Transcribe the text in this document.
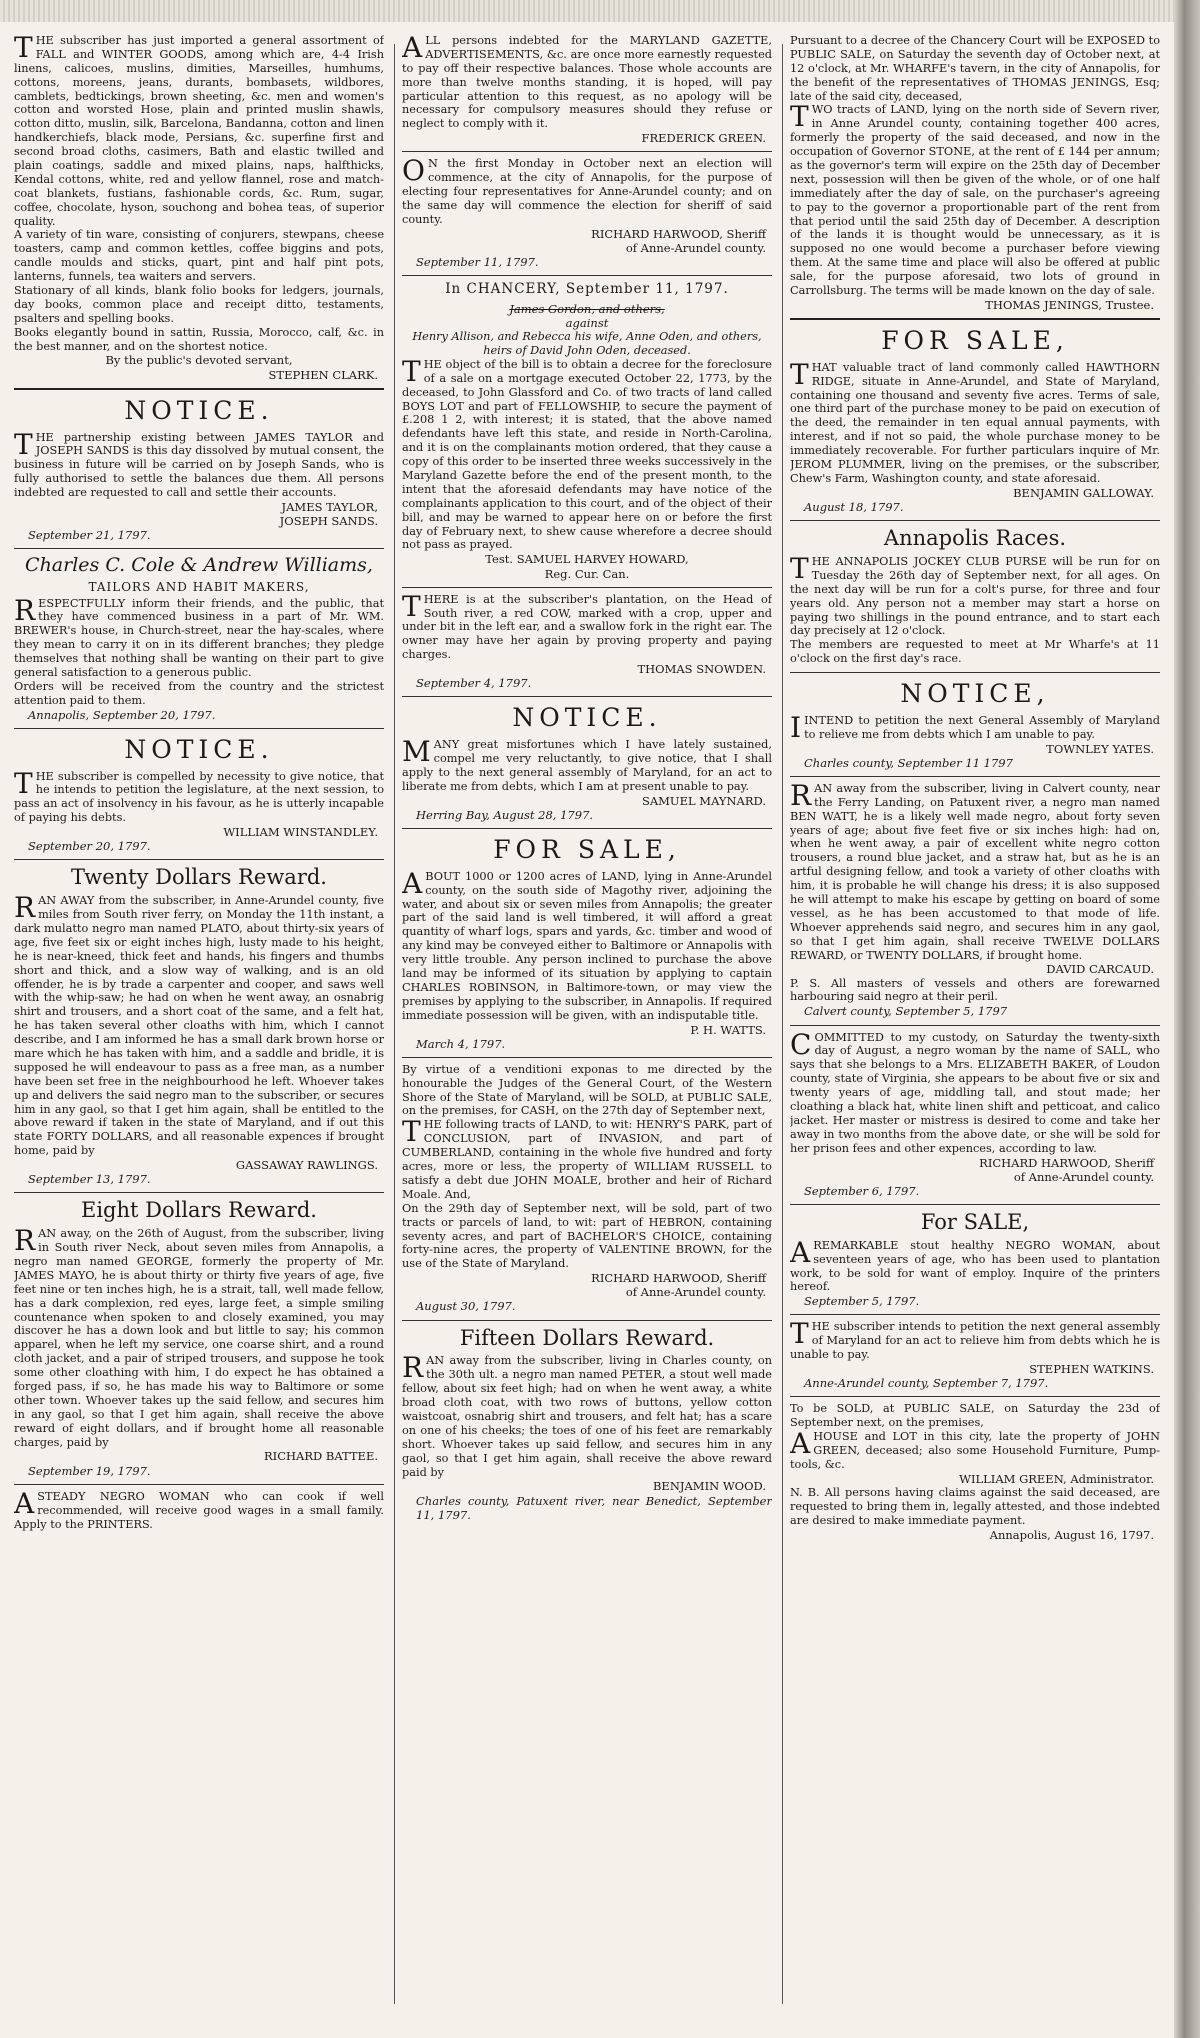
THE subscriber has just imported a general assortment of FALL and WINTER GOODS, among which are, 4-4 Irish linens, calicoes, muslins, dimities, Marseilles, humhums, cottons, moreens, jeans, durants, bombasets, wildbores, camblets, bedtickings, brown sheeting, &c. men and women's cotton and worsted Hose, plain and printed muslin shawls, cotton ditto, muslin, silk, Barcelona, Bandanna, cotton and linen handkerchiefs, black mode, Persians, &c. superfine first and second broad cloths, casimers, Bath and elastic twilled and plain coatings, saddle and mixed plains, naps, halfthicks, Kendal cottons, white, red and yellow flannel, rose and match-coat blankets, fustians, fashionable cords, &c. Rum, sugar, coffee, chocolate, hyson, souchong and bohea teas, of superior quality.

A variety of tin ware, consisting of conjurers, stewpans, cheese toasters, camp and common kettles, coffee biggins and pots, candle moulds and sticks, quart, pint and half pint pots, lanterns, funnels, tea waiters and servers.

Stationary of all kinds, blank folio books for ledgers, journals, day books, common place and receipt ditto, testaments, psalters and spelling books.

Books elegantly bound in sattin, Russia, Morocco, calf, &c. in the best manner, and on the shortest notice.

By the public's devoted servant,
STEPHEN CLARK.
NOTICE.

THE partnership existing between JAMES TAYLOR and JOSEPH SANDS is this day dissolved by mutual consent, the business in future will be carried on by Joseph Sands, who is fully authorised to settle the balances due them. All persons indebted are requested to call and settle their accounts.

JAMES TAYLOR,
JOSEPH SANDS.
September 21, 1797.
Charles C. Cole & Andrew Williams,
TAILORS AND HABIT MAKERS,

RESPECTFULLY inform their friends, and the public, that they have commenced business in a part of Mr. WM. BREWER's house, in Church-street, near the hay-scales, where they mean to carry it on in its different branches; they pledge themselves that nothing shall be wanting on their part to give general satisfaction to a generous public.

Orders will be received from the country and the strictest attention paid to them.

Annapolis, September 20, 1797.
NOTICE.

THE subscriber is compelled by necessity to give notice, that he intends to petition the legislature, at the next session, to pass an act of insolvency in his favour, as he is utterly incapable of paying his debts.

WILLIAM WINSTANDLEY.
September 20, 1797.
Twenty Dollars Reward.

RAN AWAY from the subscriber, in Anne-Arundel county, five miles from South river ferry, on Monday the 11th instant, a dark mulatto negro man named PLATO, about thirty-six years of age, five feet six or eight inches high, lusty made to his height, he is near-kneed, thick feet and hands, his fingers and thumbs short and thick, and a slow way of walking, and is an old offender, he is by trade a carpenter and cooper, and saws well with the whip-saw; he had on when he went away, an osnabrig shirt and trousers, and a short coat of the same, and a felt hat, he has taken several other cloaths with him, which I cannot describe, and I am informed he has a small dark brown horse or mare which he has taken with him, and a saddle and bridle, it is supposed he will endeavour to pass as a free man, as a number have been set free in the neighbourhood he left. Whoever takes up and delivers the said negro man to the subscriber, or secures him in any gaol, so that I get him again, shall be entitled to the above reward if taken in the state of Maryland, and if out this state FORTY DOLLARS, and all reasonable expences if brought home, paid by

GASSAWAY RAWLINGS.
September 13, 1797.
Eight Dollars Reward.

RAN away, on the 26th of August, from the subscriber, living in South river Neck, about seven miles from Annapolis, a negro man named GEORGE, formerly the property of Mr. JAMES MAYO, he is about thirty or thirty five years of age, five feet nine or ten inches high, he is a strait, tall, well made fellow, has a dark complexion, red eyes, large feet, a simple smiling countenance when spoken to and closely examined, you may discover he has a down look and but little to say; his common apparel, when he left my service, one coarse shirt, and a round cloth jacket, and a pair of striped trousers, and suppose he took some other cloathing with him, I do expect he has obtained a forged pass, if so, he has made his way to Baltimore or some other town. Whoever takes up the said fellow, and secures him in any gaol, so that I get him again, shall receive the above reward of eight dollars, and if brought home all reasonable charges, paid by

RICHARD BATTEE.
September 19, 1797.

ASTEADY NEGRO WOMAN who can cook if well recommended, will receive good wages in a small family. Apply to the PRINTERS.

ALL persons indebted for the MARYLAND GAZETTE, ADVERTISEMENTS, &c. are once more earnestly requested to pay off their respective balances. Those whole accounts are more than twelve months standing, it is hoped, will pay particular attention to this request, as no apology will be necessary for compulsory measures should they refuse or neglect to comply with it.

FREDERICK GREEN.

ON the first Monday in October next an election will commence, at the city of Annapolis, for the purpose of electing four representatives for Anne-Arundel county; and on the same day will commence the election for sheriff of said county.

RICHARD HARWOOD, Sheriff
of Anne-Arundel county.
September 11, 1797.
In CHANCERY, September 11, 1797.
James Gordon, and others,
against

Henry Allison, and Rebecca his wife, Anne Oden, and others, heirs of David John Oden, deceased.

THE object of the bill is to obtain a decree for the foreclosure of a sale on a mortgage executed October 22, 1773, by the deceased, to John Glassford and Co. of two tracts of land called BOYS LOT and part of FELLOWSHIP, to secure the payment of £.208 1 2, with interest; it is stated, that the above named defendants have left this state, and reside in North-Carolina, and it is on the complainants motion ordered, that they cause a copy of this order to be inserted three weeks successively in the Maryland Gazette before the end of the present month, to the intent that the aforesaid defendants may have notice of the complainants application to this court, and of the object of their bill, and may be warned to appear here on or before the first day of February next, to shew cause wherefore a decree should not pass as prayed.

Test. SAMUEL HARVEY HOWARD,
Reg. Cur. Can.

THERE is at the subscriber's plantation, on the Head of South river, a red COW, marked with a crop, upper and under bit in the left ear, and a swallow fork in the right ear. The owner may have her again by proving property and paying charges.

THOMAS SNOWDEN.
September 4, 1797.
NOTICE.

MANY great misfortunes which I have lately sustained, compel me very reluctantly, to give notice, that I shall apply to the next general assembly of Maryland, for an act to liberate me from debts, which I am at present unable to pay.

SAMUEL MAYNARD.
Herring Bay, August 28, 1797.
FOR SALE,

ABOUT 1000 or 1200 acres of LAND, lying in Anne-Arundel county, on the south side of Magothy river, adjoining the water, and about six or seven miles from Annapolis; the greater part of the said land is well timbered, it will afford a great quantity of wharf logs, spars and yards, &c. timber and wood of any kind may be conveyed either to Baltimore or Annapolis with very little trouble. Any person inclined to purchase the above land may be informed of its situation by applying to captain CHARLES ROBINSON, in Baltimore-town, or may view the premises by applying to the subscriber, in Annapolis. If required immediate possession will be given, with an indisputable title.

P. H. WATTS.
March 4, 1797.

By virtue of a venditioni exponas to me directed by the honourable the Judges of the General Court, of the Western Shore of the State of Maryland, will be SOLD, at PUBLIC SALE, on the premises, for CASH, on the 27th day of September next,

THE following tracts of LAND, to wit: HENRY'S PARK, part of CONCLUSION, part of INVASION, and part of CUMBERLAND, containing in the whole five hundred and forty acres, more or less, the property of WILLIAM RUSSELL to satisfy a debt due JOHN MOALE, brother and heir of Richard Moale. And,

On the 29th day of September next, will be sold, part of two tracts or parcels of land, to wit: part of HEBRON, containing seventy acres, and part of BACHELOR'S CHOICE, containing forty-nine acres, the property of VALENTINE BROWN, for the use of the State of Maryland.

RICHARD HARWOOD, Sheriff
of Anne-Arundel county.
August 30, 1797.
Fifteen Dollars Reward.

RAN away from the subscriber, living in Charles county, on the 30th ult. a negro man named PETER, a stout well made fellow, about six feet high; had on when he went away, a white broad cloth coat, with two rows of buttons, yellow cotton waistcoat, osnabrig shirt and trousers, and felt hat; has a scare on one of his cheeks; the toes of one of his feet are remarkably short. Whoever takes up said fellow, and secures him in any gaol, so that I get him again, shall receive the above reward paid by

BENJAMIN WOOD.
Charles county, Patuxent river, near Benedict, September 11, 1797.

Pursuant to a decree of the Chancery Court will be EXPOSED to PUBLIC SALE, on Saturday the seventh day of October next, at 12 o'clock, at Mr. WHARFE's tavern, in the city of Annapolis, for the benefit of the representatives of THOMAS JENINGS, Esq; late of the said city, deceased,

TWO tracts of LAND, lying on the north side of Severn river, in Anne Arundel county, containing together 400 acres, formerly the property of the said deceased, and now in the occupation of Governor STONE, at the rent of £ 144 per annum; as the governor's term will expire on the 25th day of December next, possession will then be given of the whole, or of one half immediately after the day of sale, on the purchaser's agreeing to pay to the governor a proportionable part of the rent from that period until the said 25th day of December. A description of the lands it is thought would be unnecessary, as it is supposed no one would become a purchaser before viewing them. At the same time and place will also be offered at public sale, for the purpose aforesaid, two lots of ground in Carrollsburg. The terms will be made known on the day of sale.

THOMAS JENINGS, Trustee.
FOR SALE,

THAT valuable tract of land commonly called HAWTHORN RIDGE, situate in Anne-Arundel, and State of Maryland, containing one thousand and seventy five acres. Terms of sale, one third part of the purchase money to be paid on execution of the deed, the remainder in ten equal annual payments, with interest, and if not so paid, the whole purchase money to be immediately recoverable. For further particulars inquire of Mr. JEROM PLUMMER, living on the premises, or the subscriber, Chew's Farm, Washington county, and state aforesaid.

BENJAMIN GALLOWAY.
August 18, 1797.
Annapolis Races.

THE ANNAPOLIS JOCKEY CLUB PURSE will be run for on Tuesday the 26th day of September next, for all ages. On the next day will be run for a colt's purse, for three and four years old. Any person not a member may start a horse on paying two shillings in the pound entrance, and to start each day precisely at 12 o'clock.

The members are requested to meet at Mr Wharfe's at 11 o'clock on the first day's race.

NOTICE,

IINTEND to petition the next General Assembly of Maryland to relieve me from debts which I am unable to pay.

TOWNLEY YATES.
Charles county, September 11 1797

RAN away from the subscriber, living in Calvert county, near the Ferry Landing, on Patuxent river, a negro man named BEN WATT, he is a likely well made negro, about forty seven years of age; about five feet five or six inches high: had on, when he went away, a pair of excellent white negro cotton trousers, a round blue jacket, and a straw hat, but as he is an artful designing fellow, and took a variety of other cloaths with him, it is probable he will change his dress; it is also supposed he will attempt to make his escape by getting on board of some vessel, as he has been accustomed to that mode of life. Whoever apprehends said negro, and secures him in any gaol, so that I get him again, shall receive TWELVE DOLLARS REWARD, or TWENTY DOLLARS, if brought home.

DAVID CARCAUD.

P. S. All masters of vessels and others are forewarned harbouring said negro at their peril.

Calvert county, September 5, 1797

COMMITTED to my custody, on Saturday the twenty-sixth day of August, a negro woman by the name of SALL, who says that she belongs to a Mrs. ELIZABETH BAKER, of Loudon county, state of Virginia, she appears to be about five or six and twenty years of age, middling tall, and stout made; her cloathing a black hat, white linen shift and petticoat, and calico jacket. Her master or mistress is desired to come and take her away in two months from the above date, or she will be sold for her prison fees and other expences, according to law.

RICHARD HARWOOD, Sheriff
of Anne-Arundel county.
September 6, 1797.
For SALE,

AREMARKABLE stout healthy NEGRO WOMAN, about seventeen years of age, who has been used to plantation work, to be sold for want of employ. Inquire of the printers hereof.

September 5, 1797.

THE subscriber intends to petition the next general assembly of Maryland for an act to relieve him from debts which he is unable to pay.

STEPHEN WATKINS.
Anne-Arundel county, September 7, 1797.

To be SOLD, at PUBLIC SALE, on Saturday the 23d of September next, on the premises,

AHOUSE and LOT in this city, late the property of JOHN GREEN, deceased; also some Household Furniture, Pump-tools, &c.

WILLIAM GREEN, Administrator.

N. B. All persons having claims against the said deceased, are requested to bring them in, legally attested, and those indebted are desired to make immediate payment.

Annapolis, August 16, 1797.
